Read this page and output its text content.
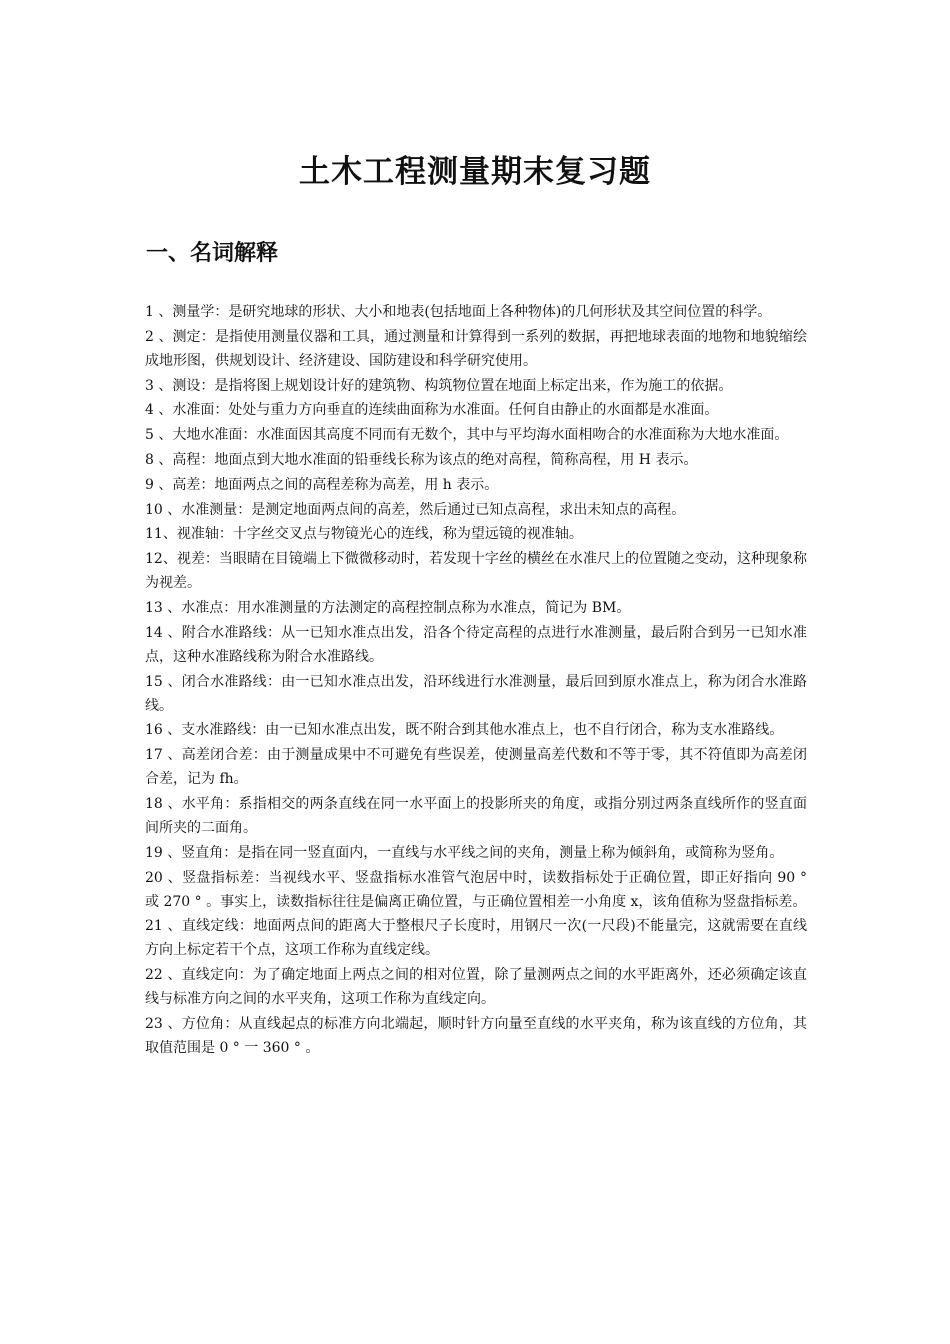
土木工程测量期末复习题
一、名词解释
1 、测量学：是研究地球的形状、大小和地表(包括地面上各种物体)的几何形状及其空间位置的科学。
2 、测定：是指使用测量仪器和工具，通过测量和计算得到一系列的数据，再把地球表面的地物和地貌缩绘成地形图，供规划设计、经济建设、国防建设和科学研究使用。
3 、测设：是指将图上规划设计好的建筑物、构筑物位置在地面上标定出来，作为施工的依据。
4 、水准面：处处与重力方向垂直的连续曲面称为水准面。任何自由静止的水面都是水准面。
5 、大地水准面：水准面因其高度不同而有无数个，其中与平均海水面相吻合的水准面称为大地水准面。
8 、高程：地面点到大地水准面的铅垂线长称为该点的绝对高程，简称高程，用 H 表示。
9 、高差：地面两点之间的高程差称为高差，用 h 表示。
10 、水准测量：是测定地面两点间的高差，然后通过已知点高程，求出未知点的高程。
11、视准轴：十字丝交叉点与物镜光心的连线，称为望远镜的视准轴。
12、视差：当眼睛在目镜端上下微微移动时，若发现十字丝的横丝在水准尺上的位置随之变动，这种现象称为视差。
13 、水准点：用水准测量的方法测定的高程控制点称为水准点，简记为 BM。
14 、附合水准路线：从一已知水准点出发，沿各个待定高程的点进行水准测量，最后附合到另一已知水准点，这种水准路线称为附合水准路线。
15 、闭合水准路线：由一已知水准点出发，沿环线进行水准测量，最后回到原水准点上，称为闭合水准路线。
16 、支水准路线：由一已知水准点出发，既不附合到其他水准点上，也不自行闭合，称为支水准路线。
17 、高差闭合差：由于测量成果中不可避免有些误差，使测量高差代数和不等于零，其不符值即为高差闭合差，记为 fh。
18 、水平角：系指相交的两条直线在同一水平面上的投影所夹的角度，或指分别过两条直线所作的竖直面间所夹的二面角。
19 、竖直角：是指在同一竖直面内，一直线与水平线之间的夹角，测量上称为倾斜角，或简称为竖角。
20 、竖盘指标差：当视线水平、竖盘指标水准管气泡居中时，读数指标处于正确位置，即正好指向 90 ° 或 270 ° 。事实上，读数指标往往是偏离正确位置，与正确位置相差一小角度 x，该角值称为竖盘指标差。
21 、直线定线：地面两点间的距离大于整根尺子长度时，用钢尺一次(一尺段)不能量完，这就需要在直线方向上标定若干个点，这项工作称为直线定线。
22 、直线定向：为了确定地面上两点之间的相对位置，除了量测两点之间的水平距离外，还必须确定该直线与标准方向之间的水平夹角，这项工作称为直线定向。
23 、方位角：从直线起点的标准方向北端起，顺时针方向量至直线的水平夹角，称为该直线的方位角，其取值范围是 0 ° 一 360 ° 。
